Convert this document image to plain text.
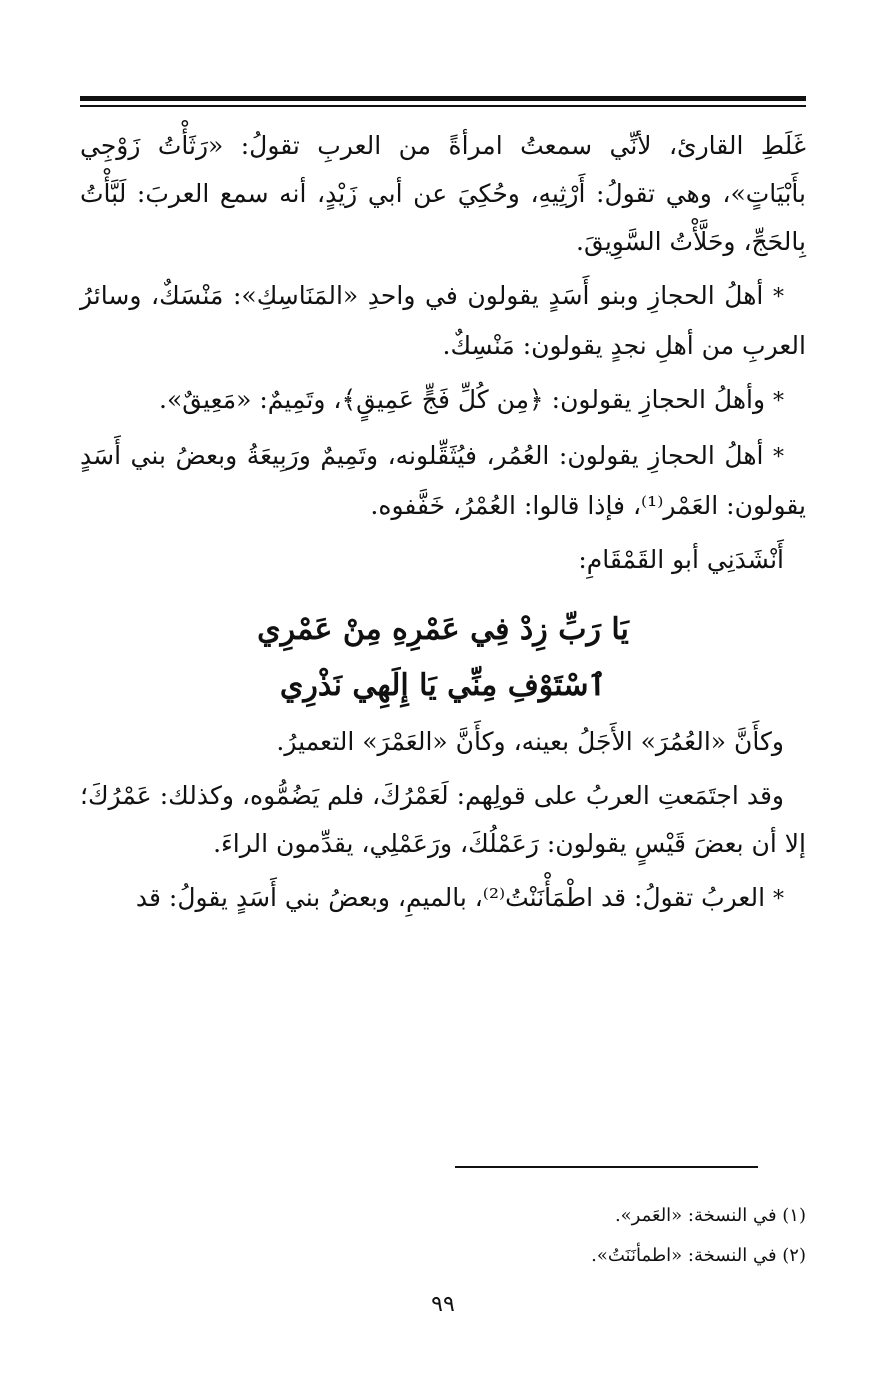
غَلَطِ القارئ، لأنِّي سمعتُ امرأةً من العربِ تقولُ: «رَثَأْتُ زَوْجِي بأَبْيَاتٍ»، وهي تقولُ: أَرْثِيهِ، وحُكِيَ عن أبي زَيْدٍ، أنه سمع العربَ: لَبَّأْتُ بِالحَجِّ، وحَلَّأْتُ السَّوِيقَ.

* أهلُ الحجازِ وبنو أَسَدٍ يقولون في واحدِ «المَنَاسِكِ»: مَنْسَكٌ، وسائرُ العربِ من أهلِ نجدٍ يقولون: مَنْسِكٌ.

* وأهلُ الحجازِ يقولون: ﴿مِن كُلِّ فَجٍّ عَمِيقٍ﴾، وتَمِيمٌ: «مَعِيقٌ».

* أهلُ الحجازِ يقولون: العُمُر، فيُثَقِّلونه، وتَمِيمٌ ورَبِيعَةُ وبعضُ بني أَسَدٍ يقولون: العَمْر⁽¹⁾، فإذا قالوا: العُمْرُ، خَفَّفوه.

أَنْشَدَنِي أبو القَمْقَامِ:

يَا رَبِّ زِدْ فِي عَمْرِهِ مِنْ عَمْرِي
ٱسْتَوْفِ مِنِّي يَا إِلَهِي نَذْرِي

وكأَنَّ «العُمُرَ» الأَجَلُ بعينه، وكأَنَّ «العَمْرَ» التعميرُ.

وقد اجتَمَعتِ العربُ على قولِهم: لَعَمْرُكَ، فلم يَضُمُّوه، وكذلك: عَمْرُكَ؛ إلا أن بعضَ قَيْسٍ يقولون: رَعَمْلُكَ، ورَعَمْلِي، يقدِّمون الراءَ.

* العربُ تقولُ: قد اطْمَأْنَنْتُ⁽²⁾، بالميمِ، وبعضُ بني أَسَدٍ يقولُ: قد

(١) في النسخة: «العَمر».
(٢) في النسخة: «اطمأنَنَتُ».
٩٩
